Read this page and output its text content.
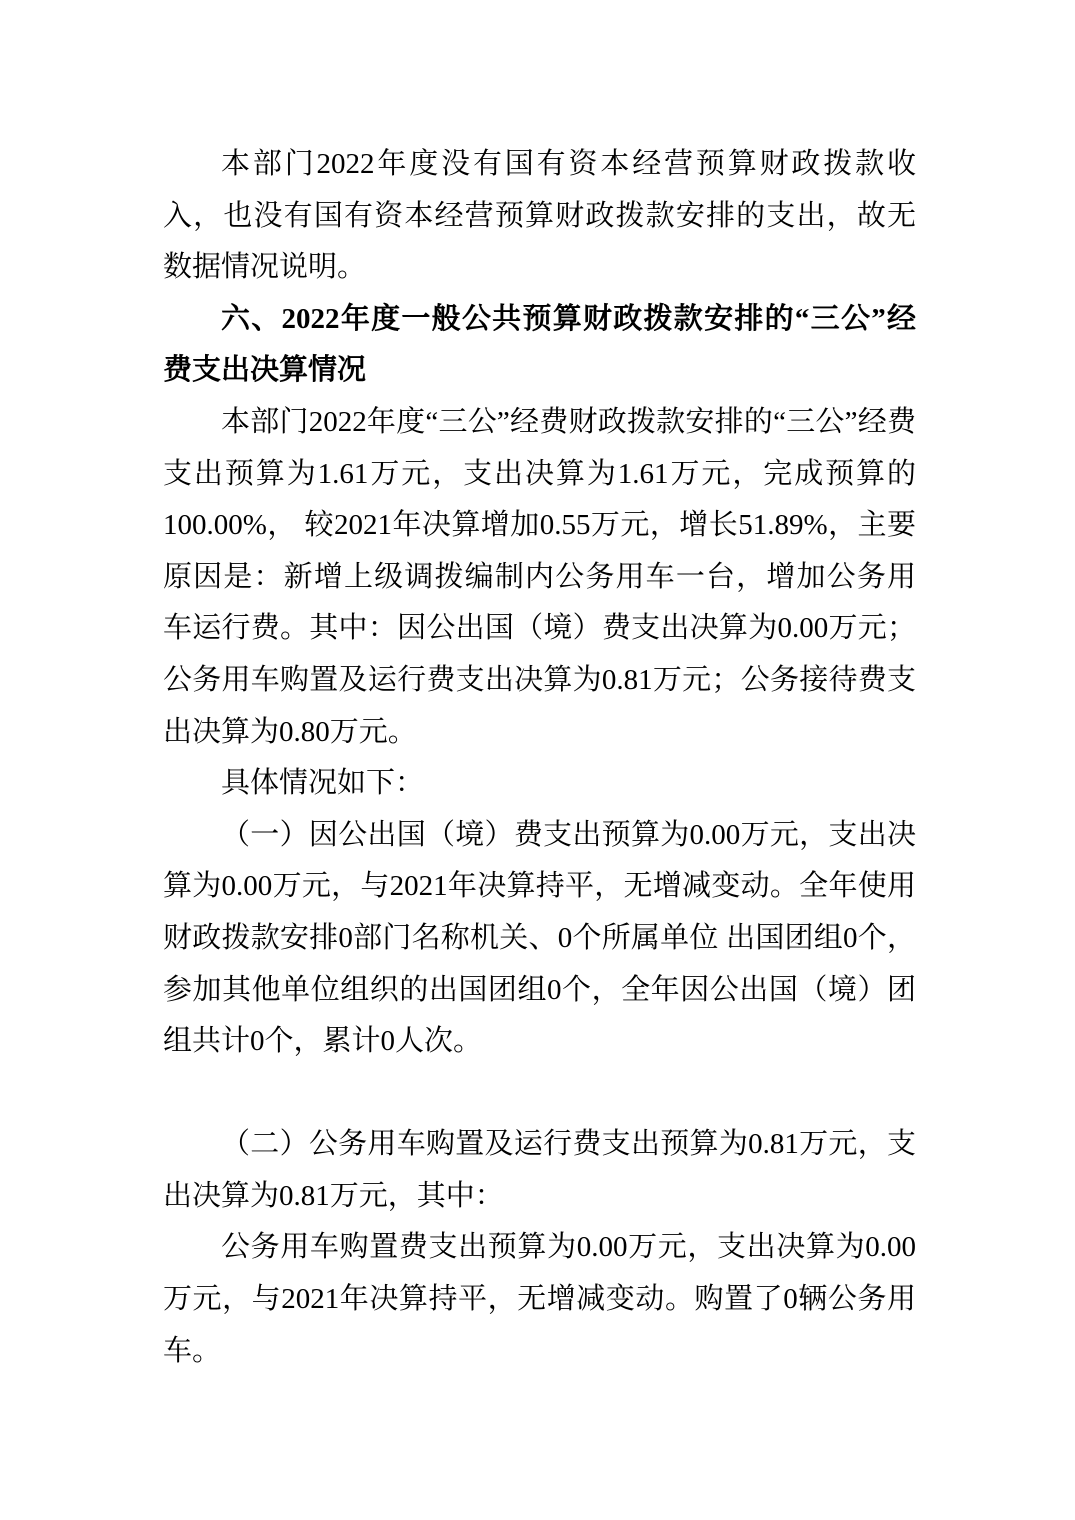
本部门2022年度没有国有资本经营预算财政拨款收入，也没有国有资本经营预算财政拨款安排的支出，故无数据情况说明。

六、2022年度一般公共预算财政拨款安排的“三公”经费支出决算情况

本部门2022年度“三公”经费财政拨款安排的“三公”经费支出预算为1.61万元，支出决算为1.61万元，完成预算的100.00%， 较2021年决算增加0.55万元，增长51.89%，主要原因是：新增上级调拨编制内公务用车一台，增加公务用车运行费。其中：因公出国（境）费支出决算为0.00万元；公务用车购置及运行费支出决算为0.81万元；公务接待费支出决算为0.80万元。

具体情况如下：

（一）因公出国（境）费支出预算为0.00万元，支出决算为0.00万元，与2021年决算持平，无增减变动。全年使用财政拨款安排0部门名称机关、0个所属单位 出国团组0个，参加其他单位组织的出国团组0个，全年因公出国（境）团组共计0个，累计0人次。

（二）公务用车购置及运行费支出预算为0.81万元，支出决算为0.81万元，其中：

公务用车购置费支出预算为0.00万元，支出决算为0.00万元，与2021年决算持平，无增减变动。购置了0辆公务用车。
